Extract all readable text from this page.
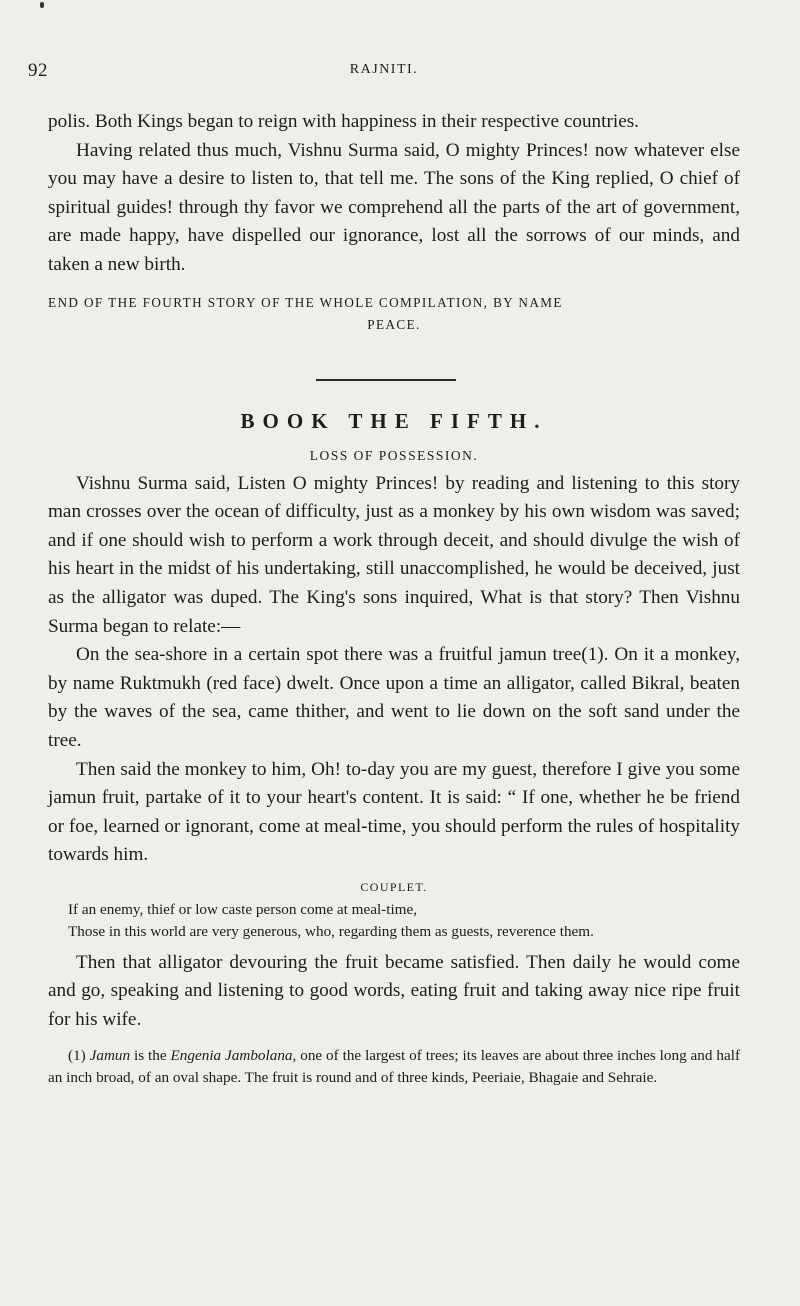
92	RAJNITI.

polis. Both Kings began to reign with happiness in their respective countries.

Having related thus much, Vishnu Surma said, O mighty Princes! now whatever else you may have a desire to listen to, that tell me. The sons of the King replied, O chief of spiritual guides! through thy favor we comprehend all the parts of the art of government, are made happy, have dispelled our ignorance, lost all the sorrows of our minds, and taken a new birth.

END OF THE FOURTH STORY OF THE WHOLE COMPILATION, BY NAME

PEACE.

BOOK THE FIFTH.
LOSS OF POSSESSION.

Vishnu Surma said, Listen O mighty Princes! by reading and listening to this story man crosses over the ocean of difficulty, just as a monkey by his own wisdom was saved; and if one should wish to perform a work through deceit, and should divulge the wish of his heart in the midst of his undertaking, still unaccomplished, he would be deceived, just as the alligator was duped. The King's sons inquired, What is that story? Then Vishnu Surma began to relate:—

On the sea-shore in a certain spot there was a fruitful jamun tree(1). On it a monkey, by name Ruktmukh (red face) dwelt. Once upon a time an alligator, called Bikral, beaten by the waves of the sea, came thither, and went to lie down on the soft sand under the tree.

Then said the monkey to him, Oh! to-day you are my guest, therefore I give you some jamun fruit, partake of it to your heart's content. It is said: “ If one, whether he be friend or foe, learned or ignorant, come at meal-time, you should perform the rules of hospitality towards him.

COUPLET.

If an enemy, thief or low caste person come at meal-time,

Those in this world are very generous, who, regarding them as guests, reverence them.

Then that alligator devouring the fruit became satisfied. Then daily he would come and go, speaking and listening to good words, eating fruit and taking away nice ripe fruit for his wife.

(1) Jamun is the Engenia Jambolana, one of the largest of trees; its leaves are about three inches long and half an inch broad, of an oval shape. The fruit is round and of three kinds, Peeriaie, Bhagaie and Sehraie.
